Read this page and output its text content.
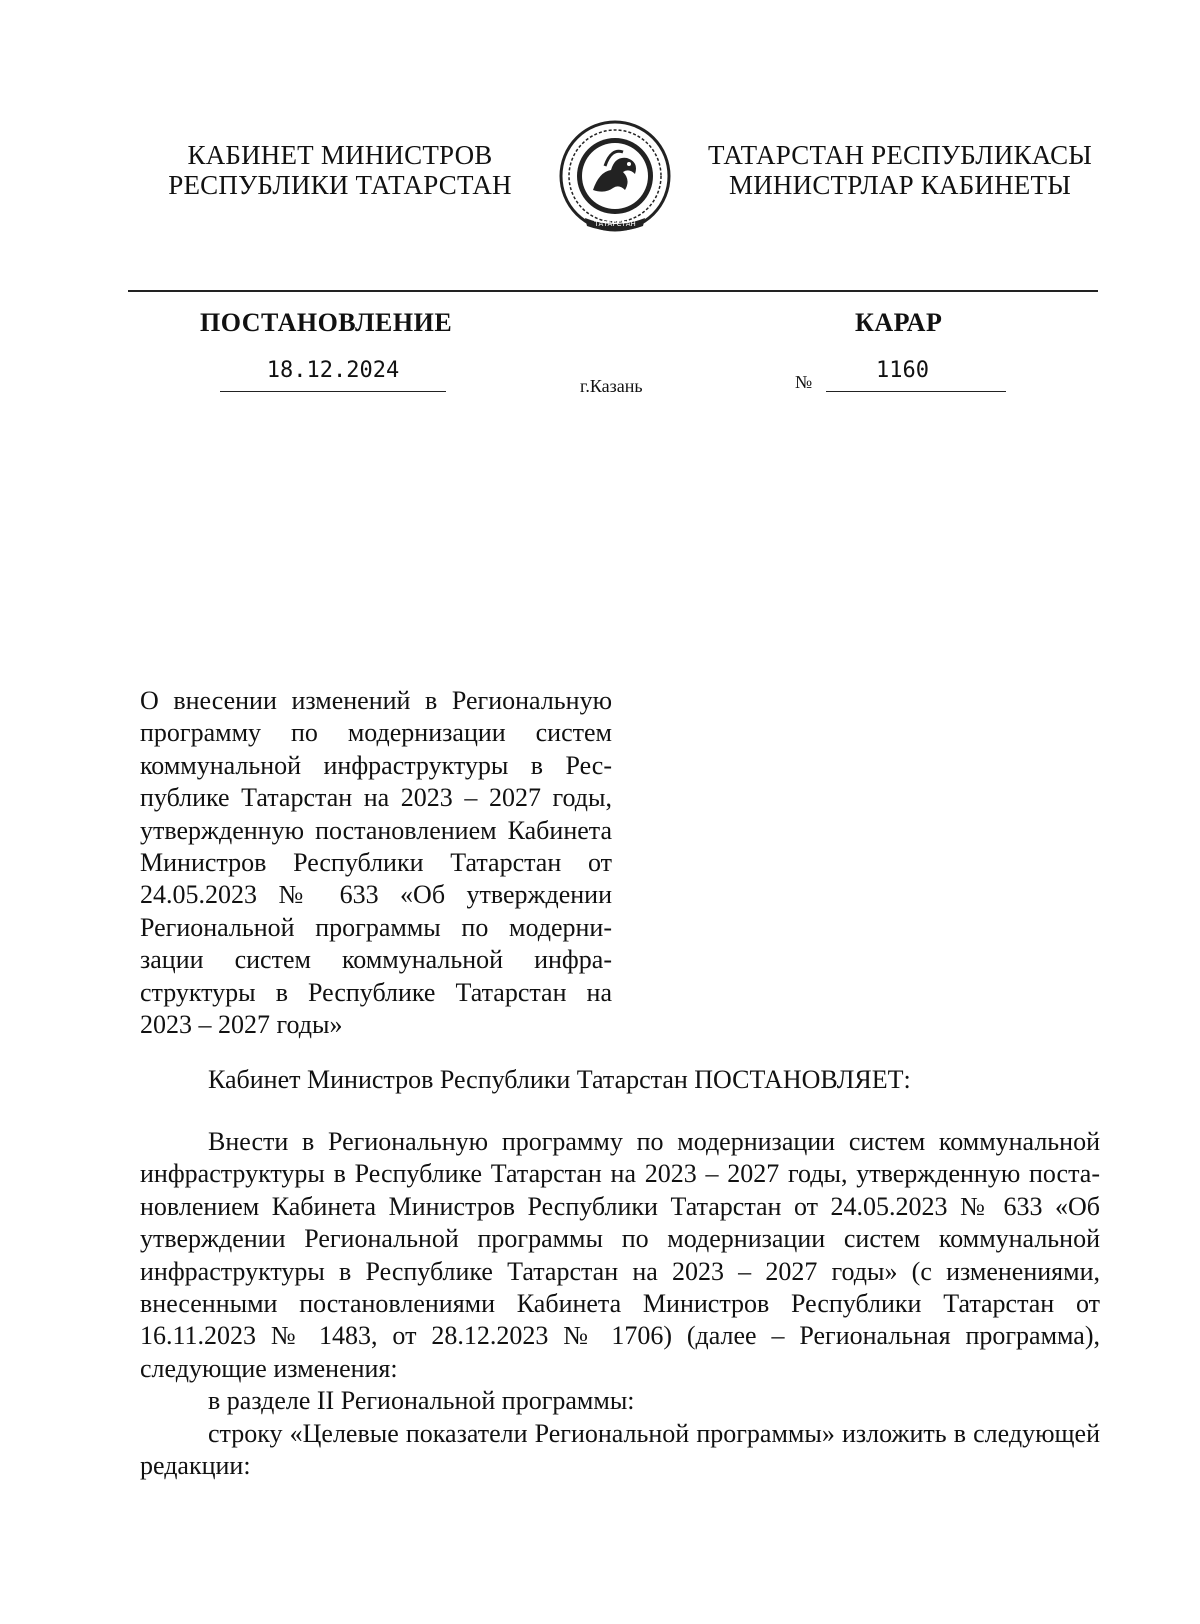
КАБИНЕТ МИНИСТРОВ
РЕСПУБЛИКИ ТАТАРСТАН
ТАТАРСТАН
ТАТАРСТАН РЕСПУБЛИКАСЫ
МИНИСТРЛАР КАБИНЕТЫ
ПОСТАНОВЛЕНИЕ	КАРАР
18.12.2024
г.Казань	№	1160
О внесении изменений в Региональную программу по модернизации систем коммунальной инфраструктуры в Республике Татарстан на 2023 – 2027 годы, утвержденную постановлением Кабинета Министров Республики Татарстан от 24.05.2023 № 633 «Об утверждении Региональной программы по модернизации систем коммунальной инфраструктуры в Республике Татарстан на 2023 – 2027 годы»
Кабинет Министров Республики Татарстан ПОСТАНОВЛЯЕТ:

Внести в Региональную программу по модернизации систем коммунальной инфраструктуры в Республике Татарстан на 2023 – 2027 годы, утвержденную постановлением Кабинета Министров Республики Татарстан от 24.05.2023 № 633 «Об утверждении Региональной программы по модернизации систем коммунальной инфраструктуры в Республике Татарстан на 2023 – 2027 годы» (с изменениями, внесенными постановлениями Кабинета Министров Республики Татарстан от 16.11.2023 № 1483, от 28.12.2023 № 1706) (далее – Региональная программа), следующие изменения:

в разделе II Региональной программы:

строку «Целевые показатели Региональной программы» изложить в следующей редакции:
